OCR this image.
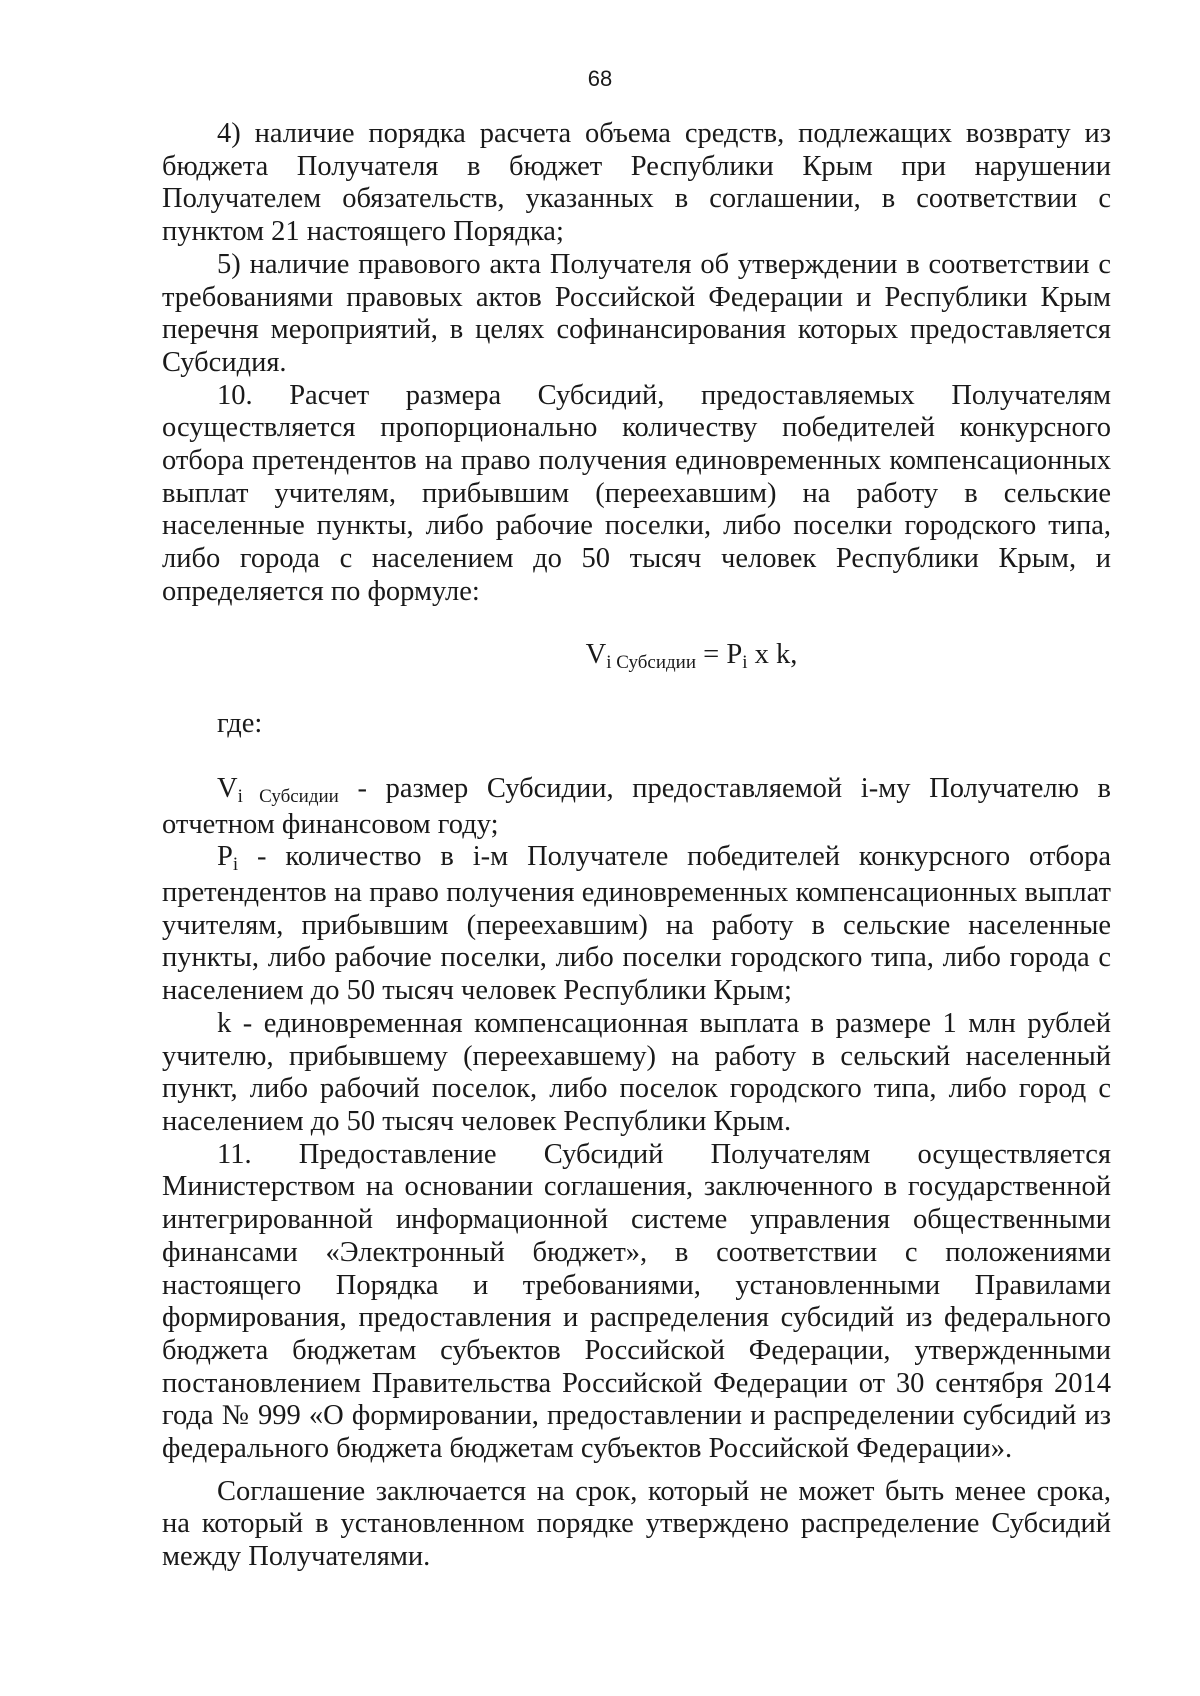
68

4) наличие порядка расчета объема средств, подлежащих возврату из бюджета Получателя в бюджет Республики Крым при нарушении Получателем обязательств, указанных в соглашении, в соответствии с пунктом 21 настоящего Порядка;

5) наличие правового акта Получателя об утверждении в соответствии с требованиями правовых актов Российской Федерации и Республики Крым перечня мероприятий, в целях софинансирования которых предоставляется Субсидия.

10. Расчет размера Субсидий, предоставляемых Получателям осуществляется пропорционально количеству победителей конкурсного отбора претендентов на право получения единовременных компенсационных выплат учителям, прибывшим (переехавшим) на работу в сельские населенные пункты, либо рабочие поселки, либо поселки городского типа, либо города с населением до 50 тысяч человек Республики Крым, и определяется по формуле:

Vi Субсидии = Pi x k,

где:

Vi Субсидии - размер Субсидии, предоставляемой i-му Получателю в отчетном финансовом году;

Pi - количество в i-м Получателе победителей конкурсного отбора претендентов на право получения единовременных компенсационных выплат учителям, прибывшим (переехавшим) на работу в сельские населенные пункты, либо рабочие поселки, либо поселки городского типа, либо города с населением до 50 тысяч человек Республики Крым;

k - единовременная компенсационная выплата в размере 1 млн рублей учителю, прибывшему (переехавшему) на работу в сельский населенный пункт, либо рабочий поселок, либо поселок городского типа, либо город с населением до 50 тысяч человек Республики Крым.

11. Предоставление Субсидий Получателям осуществляется Министерством на основании соглашения, заключенного в государственной интегрированной информационной системе управления общественными финансами «Электронный бюджет», в соответствии с положениями настоящего Порядка и требованиями, установленными Правилами формирования, предоставления и распределения субсидий из федерального бюджета бюджетам субъектов Российской Федерации, утвержденными постановлением Правительства Российской Федерации от 30 сентября 2014 года № 999 «О формировании, предоставлении и распределении субсидий из федерального бюджета бюджетам субъектов Российской Федерации».

Соглашение заключается на срок, который не может быть менее срока, на который в установленном порядке утверждено распределение Субсидий между Получателями.
